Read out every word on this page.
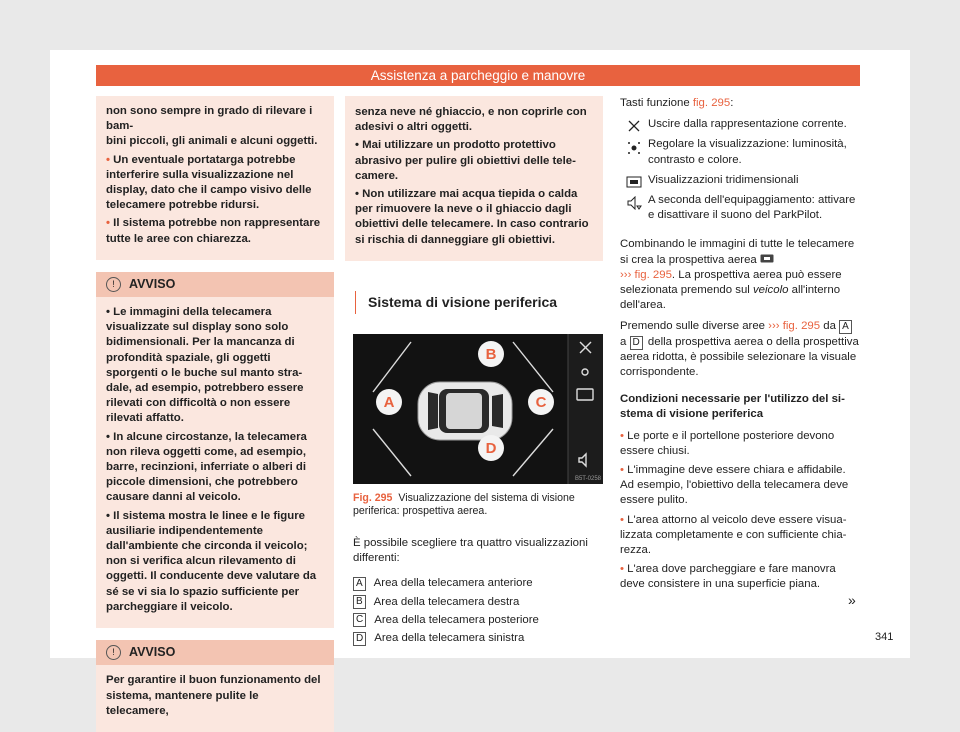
Assistenza a parcheggio e manovre

non sono sempre in grado di rilevare i bam-
bini piccoli, gli animali e alcuni oggetti.

• Un eventuale portatarga potrebbe interferire sulla visualizzazione nel display, dato che il campo visivo delle telecamere potrebbe ridursi.

• Il sistema potrebbe non rappresentare tutte le aree con chiarezza.

!	AVVISO

• Le immagini della telecamera visualizzate sul display sono solo bidimensionali. Per la mancanza di profondità spaziale, gli oggetti sporgenti o le buche sul manto stradale, ad esempio, potrebbero essere rilevati con difficoltà o non essere rilevati affatto.

• In alcune circostanze, la telecamera non rileva oggetti come, ad esempio, barre, recinzioni, inferriate o alberi di piccole dimensioni, che potrebbero causare danni al veicolo.

• Il sistema mostra le linee e le figure ausiliarie indipendentemente dall'ambiente che circonda il veicolo; non si verifica alcun rilevamento di oggetti. Il conducente deve valutare da sé se vi sia lo spazio sufficiente per parcheggiare il veicolo.

!	AVVISO

Per garantire il buon funzionamento del sistema, mantenere pulite le telecamere,

senza neve né ghiaccio, e non coprirle con adesivi o altri oggetti.

• Mai utilizzare un prodotto protettivo abrasivo per pulire gli obiettivi delle telecamere.

• Non utilizzare mai acqua tiepida o calda per rimuovere la neve o il ghiaccio dagli obiettivi delle telecamere. In caso contrario si rischia di danneggiare gli obiettivi.

Sistema di visione periferica
A
B
C
D
B5T-0258
Fig. 295 Visualizzazione del sistema di visione periferica: prospettiva aerea.

È possibile scegliere tra quattro visualizzazioni differenti:

A Area della telecamera anteriore
B Area della telecamera destra
C Area della telecamera posteriore
D Area della telecamera sinistra

Tasti funzione fig. 295:

Uscire dalla rappresentazione corrente.
Regolare la visualizzazione: luminosità, contrasto e colore.
Visualizzazioni tridimensionali
A seconda dell'equipaggiamento: attivare e disattivare il suono del ParkPilot.

Combinando le immagini di tutte le telecamere si crea la prospettiva aerea
››› fig. 295. La prospettiva aerea può essere selezionata premendo sul veicolo all'interno dell'area.

Premendo sulle diverse aree ››› fig. 295 da A a D della prospettiva aerea o della prospettiva aerea ridotta, è possibile selezionare la visuale corrispondente.

Condizioni necessarie per l'utilizzo del sistema di visione periferica

• Le porte e il portellone posteriore devono essere chiusi.

• L'immagine deve essere chiara e affidabile. Ad esempio, l'obiettivo della telecamera deve essere pulito.

• L'area attorno al veicolo deve essere visualizzata completamente e con sufficiente chiarezza.

• L'area dove parcheggiare e fare manovra deve consistere in una superficie piana.

»
341
